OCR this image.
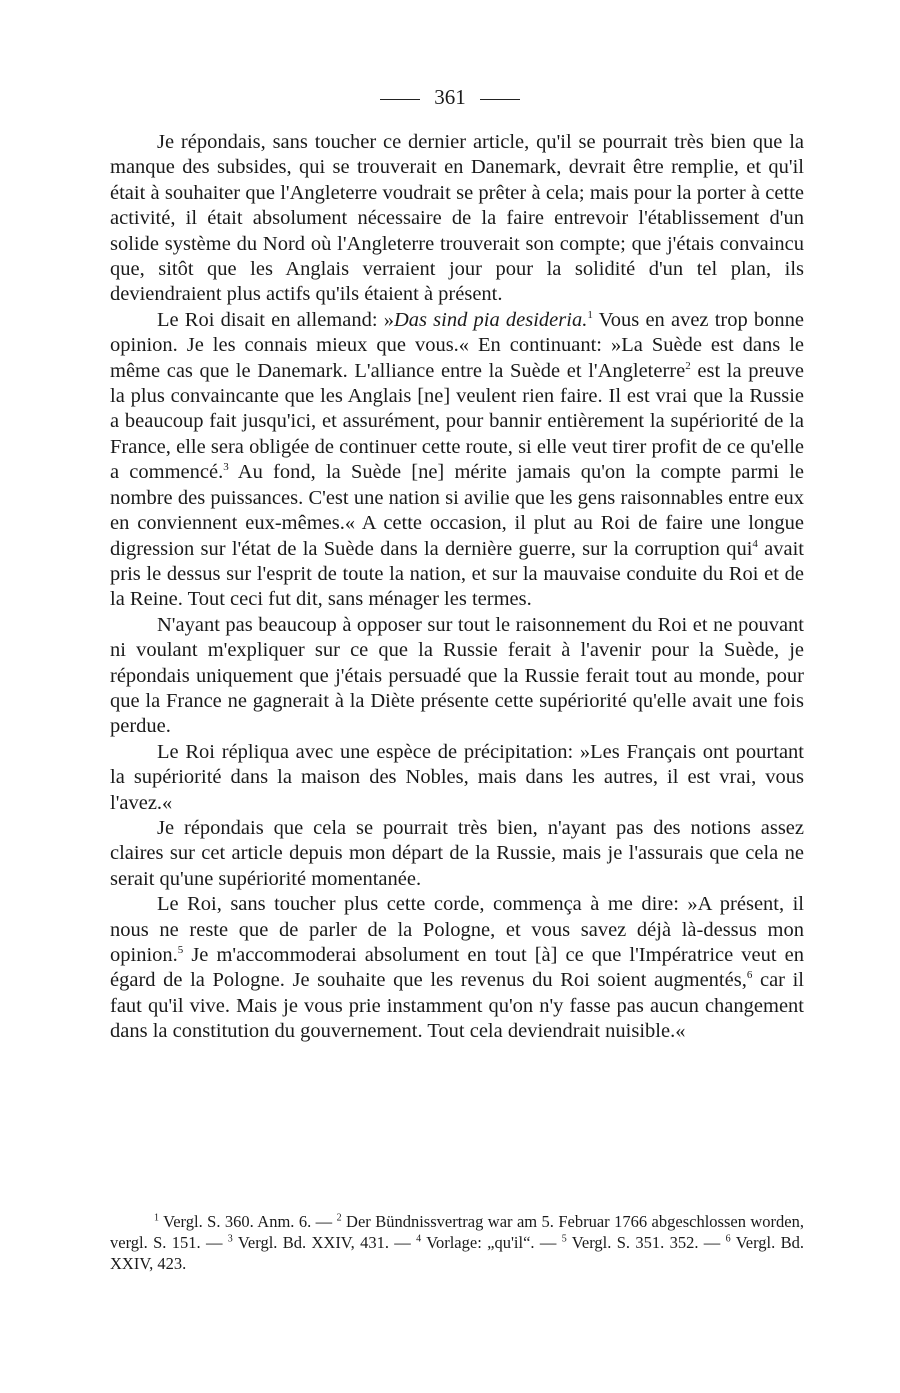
361

Je répondais, sans toucher ce dernier article, qu'il se pourrait très bien que la manque des subsides, qui se trouverait en Danemark, devrait être remplie, et qu'il était à souhaiter que l'Angleterre voudrait se prêter à cela; mais pour la porter à cette activité, il était absolument nécessaire de la faire entrevoir l'établissement d'un solide système du Nord où l'Angleterre trouverait son compte; que j'étais convaincu que, sitôt que les Anglais verraient jour pour la solidité d'un tel plan, ils deviendraient plus actifs qu'ils étaient à présent.

Le Roi disait en allemand: »Das sind pia desideria.$^1$ Vous en avez trop bonne opinion. Je les connais mieux que vous.« En continuant: »La Suède est dans le même cas que le Danemark. L'alliance entre la Suède et l'Angleterre$^2$ est la preuve la plus convaincante que les Anglais [ne] veulent rien faire. Il est vrai que la Russie a beaucoup fait jusqu'ici, et assurément, pour bannir entièrement la supériorité de la France, elle sera obligée de continuer cette route, si elle veut tirer profit de ce qu'elle a commencé.$^3$ Au fond, la Suède [ne] mérite jamais qu'on la compte parmi le nombre des puissances. C'est une nation si avilie que les gens raisonnables entre eux en conviennent eux-mêmes.« A cette occasion, il plut au Roi de faire une longue digression sur l'état de la Suède dans la dernière guerre, sur la corruption qui$^4$ avait pris le dessus sur l'esprit de toute la nation, et sur la mauvaise conduite du Roi et de la Reine. Tout ceci fut dit, sans ménager les termes.

N'ayant pas beaucoup à opposer sur tout le raisonnement du Roi et ne pouvant ni voulant m'expliquer sur ce que la Russie ferait à l'avenir pour la Suède, je répondais uniquement que j'étais persuadé que la Russie ferait tout au monde, pour que la France ne gagnerait à la Diète présente cette supériorité qu'elle avait une fois perdue.

Le Roi répliqua avec une espèce de précipitation: »Les Français ont pourtant la supériorité dans la maison des Nobles, mais dans les autres, il est vrai, vous l'avez.«

Je répondais que cela se pourrait très bien, n'ayant pas des notions assez claires sur cet article depuis mon départ de la Russie, mais je l'assurais que cela ne serait qu'une supériorité momentanée.

Le Roi, sans toucher plus cette corde, commença à me dire: »A présent, il nous ne reste que de parler de la Pologne, et vous savez déjà là-dessus mon opinion.$^5$ Je m'accommoderai absolument en tout [à] ce que l'Impératrice veut en égard de la Pologne. Je souhaite que les revenus du Roi soient augmentés,$^6$ car il faut qu'il vive. Mais je vous prie instamment qu'on n'y fasse pas aucun changement dans la constitution du gouvernement. Tout cela deviendrait nuisible.«

$^1$ Vergl. S. 360. Anm. 6. — $^2$ Der Bündnissvertrag war am 5. Februar 1766 abgeschlossen worden, vergl. S. 151. — $^3$ Vergl. Bd. XXIV, 431. — $^4$ Vorlage: „qu'il“. — $^5$ Vergl. S. 351. 352. — $^6$ Vergl. Bd. XXIV, 423.
